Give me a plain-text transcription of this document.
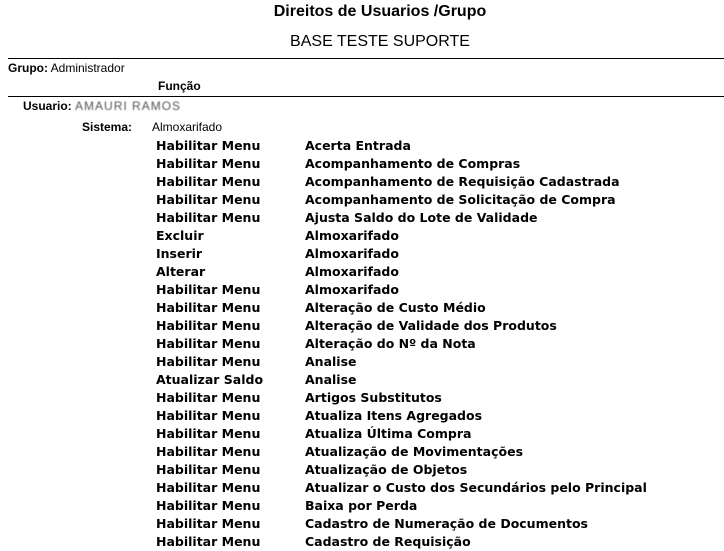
Direitos de Usuarios /Grupo
BASE TESTE SUPORTE
Grupo: Administrador
Função
Usuario: AMAURI RAMOS
Sistema: Almoxarifado
Habilitar Menu	Acerta Entrada
Habilitar Menu	Acompanhamento de Compras
Habilitar Menu	Acompanhamento de Requisição Cadastrada
Habilitar Menu	Acompanhamento de Solicitação de Compra
Habilitar Menu	Ajusta Saldo do Lote de Validade
Excluir	Almoxarifado
Inserir	Almoxarifado
Alterar	Almoxarifado
Habilitar Menu	Almoxarifado
Habilitar Menu	Alteração de Custo Médio
Habilitar Menu	Alteração de Validade dos Produtos
Habilitar Menu	Alteração do Nº da Nota
Habilitar Menu	Analise
Atualizar Saldo	Analise
Habilitar Menu	Artigos Substitutos
Habilitar Menu	Atualiza Itens Agregados
Habilitar Menu	Atualiza Última Compra
Habilitar Menu	Atualização de Movimentações
Habilitar Menu	Atualização de Objetos
Habilitar Menu	Atualizar o Custo dos Secundários pelo Principal
Habilitar Menu	Baixa por Perda
Habilitar Menu	Cadastro de Numeração de Documentos
Habilitar Menu	Cadastro de Requisição
